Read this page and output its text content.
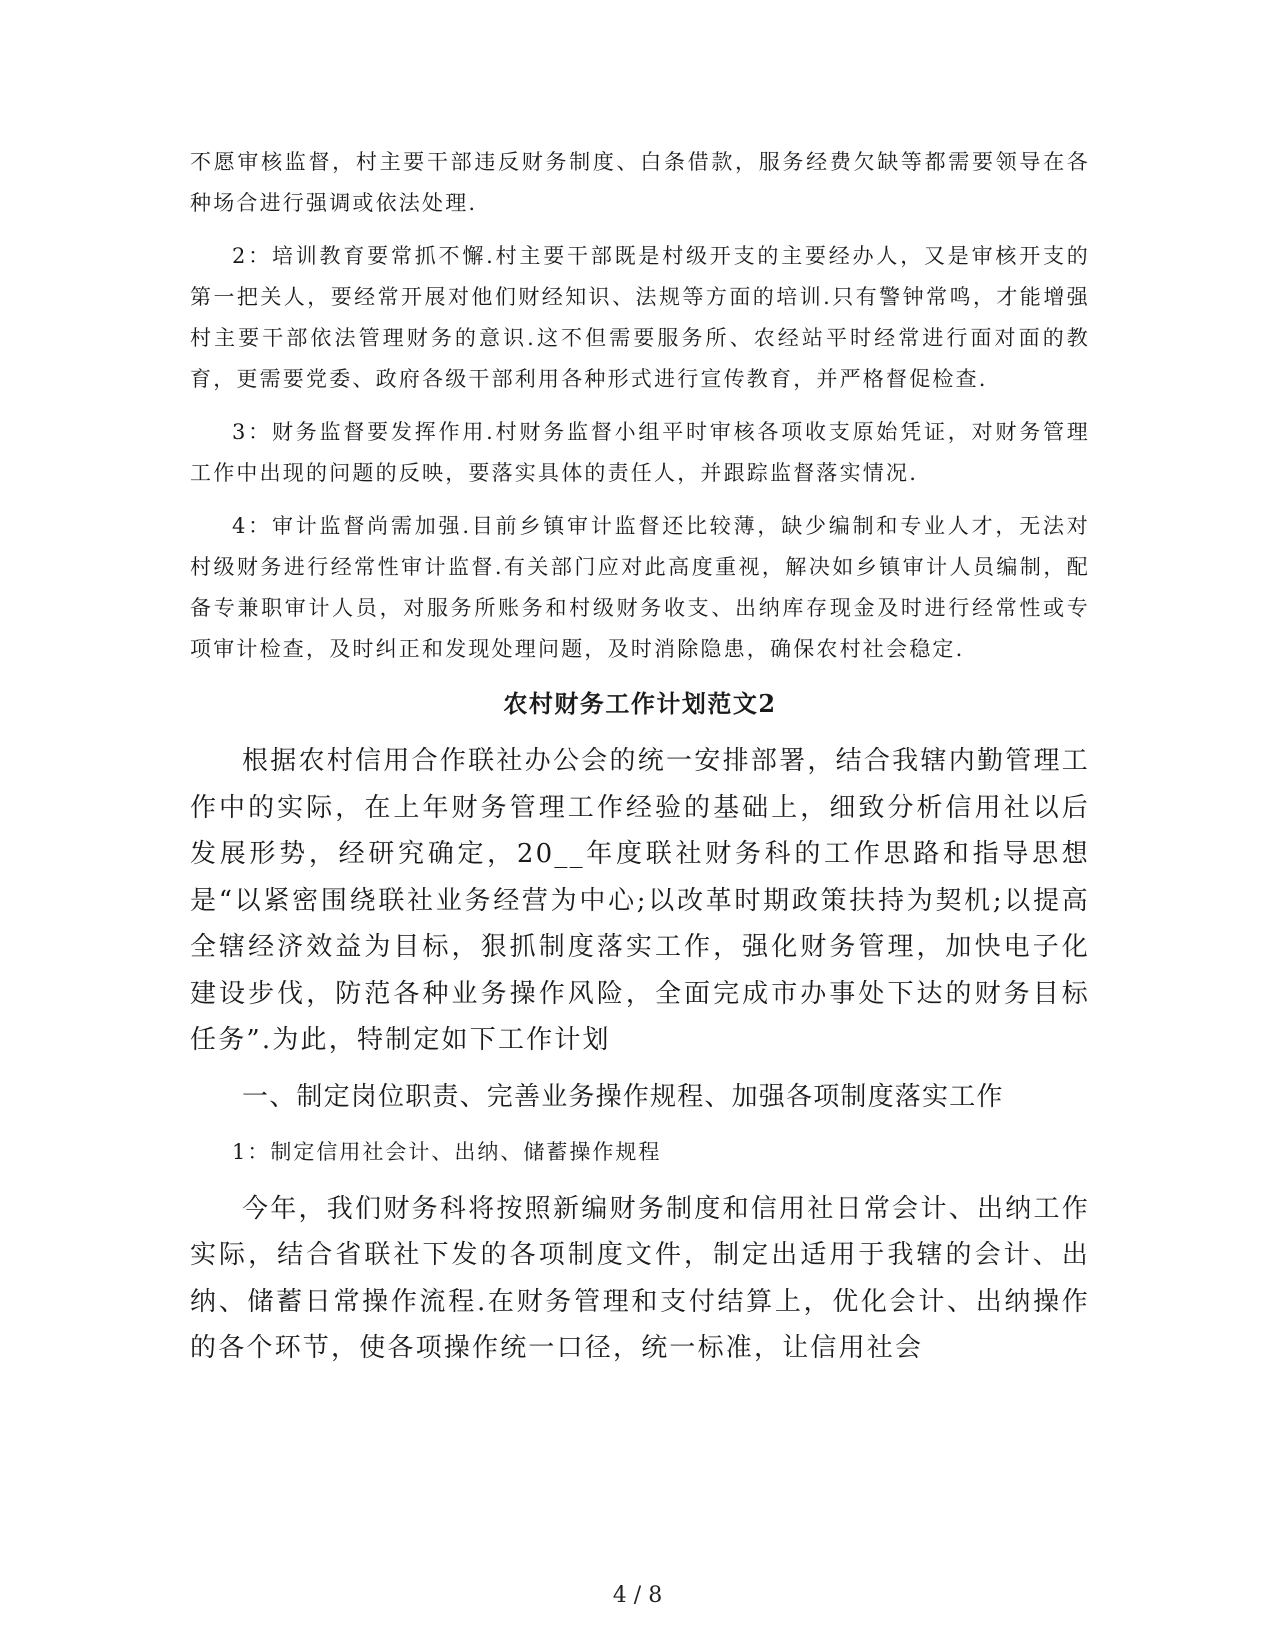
不愿审核监督，村主要干部违反财务制度、白条借款，服务经费欠缺等都需要领导在各种场合进行强调或依法处理.

2：培训教育要常抓不懈.村主要干部既是村级开支的主要经办人，又是审核开支的第一把关人，要经常开展对他们财经知识、法规等方面的培训.只有警钟常鸣，才能增强村主要干部依法管理财务的意识.这不但需要服务所、农经站平时经常进行面对面的教育，更需要党委、政府各级干部利用各种形式进行宣传教育，并严格督促检查.

3：财务监督要发挥作用.村财务监督小组平时审核各项收支原始凭证，对财务管理工作中出现的问题的反映，要落实具体的责任人，并跟踪监督落实情况.

4：审计监督尚需加强.目前乡镇审计监督还比较薄，缺少编制和专业人才，无法对村级财务进行经常性审计监督.有关部门应对此高度重视，解决如乡镇审计人员编制，配备专兼职审计人员，对服务所账务和村级财务收支、出纳库存现金及时进行经常性或专项审计检查，及时纠正和发现处理问题，及时消除隐患，确保农村社会稳定.

农村财务工作计划范文2

根据农村信用合作联社办公会的统一安排部署，结合我辖内勤管理工作中的实际，在上年财务管理工作经验的基础上，细致分析信用社以后发展形势，经研究确定，20__年度联社财务科的工作思路和指导思想是“以紧密围绕联社业务经营为中心;以改革时期政策扶持为契机;以提高全辖经济效益为目标，狠抓制度落实工作，强化财务管理，加快电子化建设步伐，防范各种业务操作风险，全面完成市办事处下达的财务目标任务”.为此，特制定如下工作计划

一、制定岗位职责、完善业务操作规程、加强各项制度落实工作

1：制定信用社会计、出纳、储蓄操作规程

今年，我们财务科将按照新编财务制度和信用社日常会计、出纳工作实际，结合省联社下发的各项制度文件，制定出适用于我辖的会计、出纳、储蓄日常操作流程.在财务管理和支付结算上，优化会计、出纳操作的各个环节，使各项操作统一口径，统一标准，让信用社会

4 / 8
